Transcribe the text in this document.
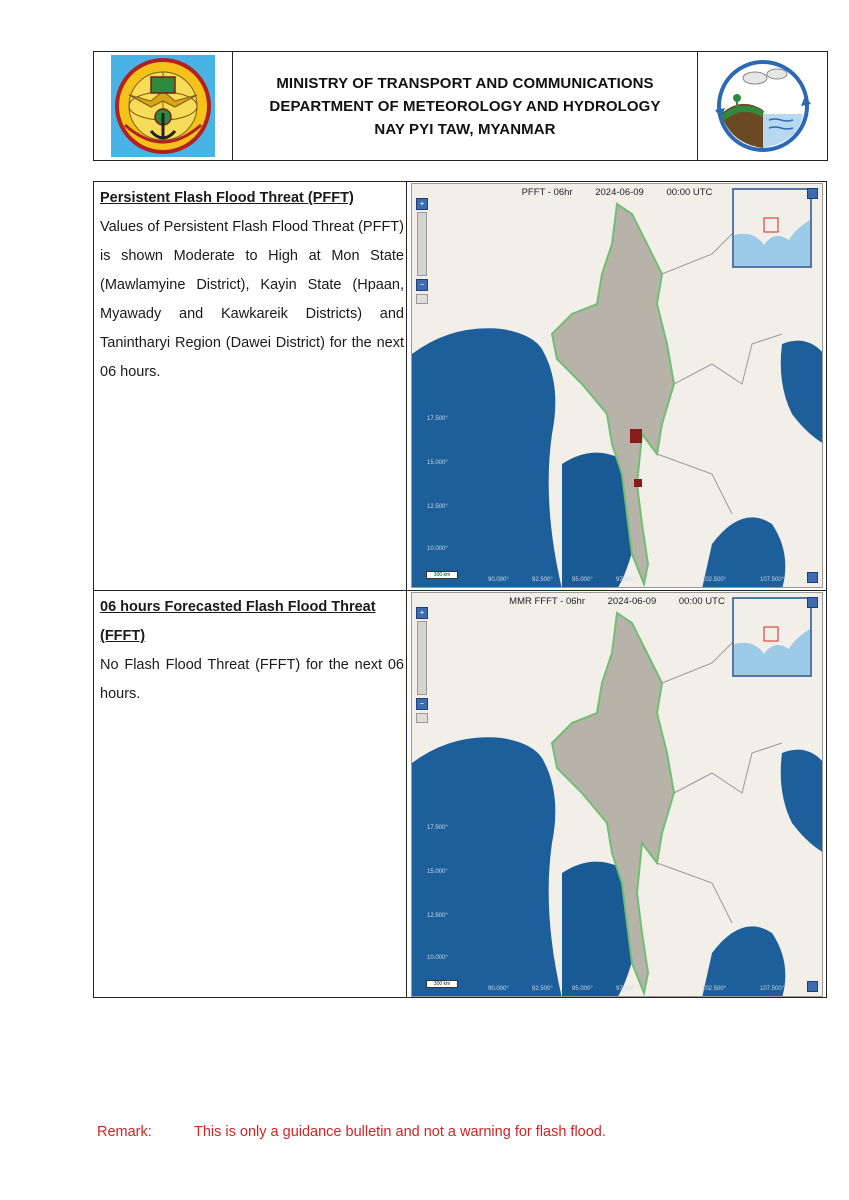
MINISTRY OF TRANSPORT AND COMMUNICATIONS
DEPARTMENT OF METEOROLOGY AND HYDROLOGY
NAY PYI TAW, MYANMAR

Persistent Flash Flood Threat (PFFT)

Values of Persistent Flash Flood Threat (PFFT) is shown Moderate to High at Mon State (Mawlamyine District), Kayin State (Hpaan, Myawady and Kawkareik Districts) and Tanintharyi Region (Dawei District) for the next 06 hours.

PFFT - 06hr 2024-06-09 00:00 UTC
+
−
17.500°
15.000°
12.500°
10.000°
90.000°	92.500°	95.000°	97.500°	102.500°	107.500°
300 km

06 hours Forecasted Flash Flood Threat (FFFT)

No Flash Flood Threat (FFFT) for the next 06 hours.

MMR FFFT - 06hr 2024-06-09 00:00 UTC
+
−
17.500°
15.000°
12.500°
10.000°
90.000°	92.500°	95.000°	97.500°	102.500°	107.500°
300 km
Remark:	This is only a guidance bulletin and not a warning for flash flood.
